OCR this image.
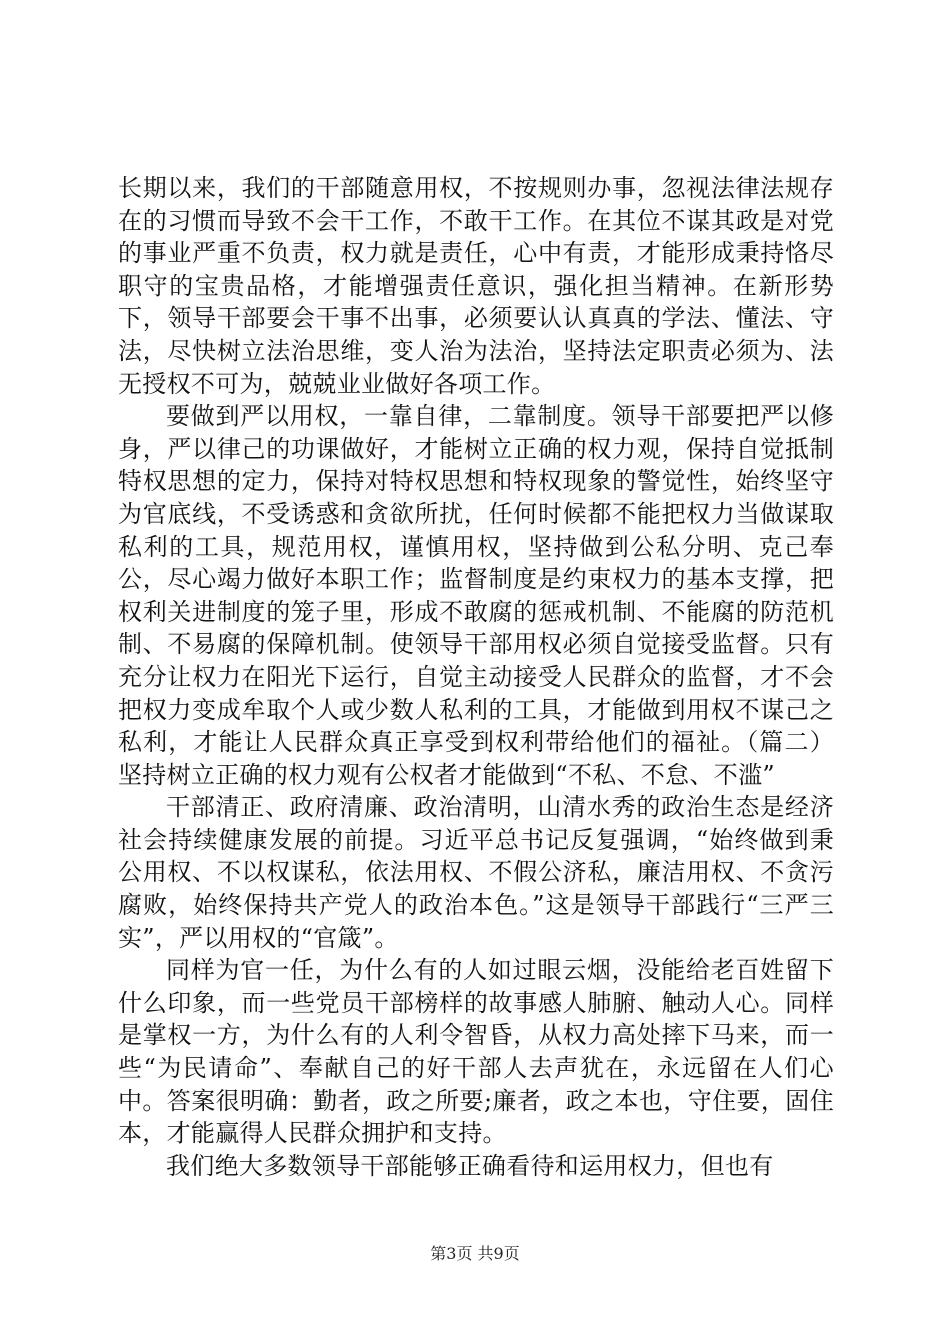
长期以来，我们的干部随意用权，不按规则办事，忽视法律法规存在的习惯而导致不会干工作，不敢干工作。在其位不谋其政是对党的事业严重不负责，权力就是责任，心中有责，才能形成秉持恪尽职守的宝贵品格，才能增强责任意识，强化担当精神。在新形势下，领导干部要会干事不出事，必须要认认真真的学法、懂法、守法，尽快树立法治思维，变人治为法治，坚持法定职责必须为、法无授权不可为，兢兢业业做好各项工作。

要做到严以用权，一靠自律，二靠制度。领导干部要把严以修身，严以律己的功课做好，才能树立正确的权力观，保持自觉抵制特权思想的定力，保持对特权思想和特权现象的警觉性，始终坚守为官底线，不受诱惑和贪欲所扰，任何时候都不能把权力当做谋取私利的工具，规范用权，谨慎用权，坚持做到公私分明、克己奉公，尽心竭力做好本职工作；监督制度是约束权力的基本支撑，把权利关进制度的笼子里，形成不敢腐的惩戒机制、不能腐的防范机制、不易腐的保障机制。使领导干部用权必须自觉接受监督。只有充分让权力在阳光下运行，自觉主动接受人民群众的监督，才不会把权力变成牟取个人或少数人私利的工具，才能做到用权不谋己之私利，才能让人民群众真正享受到权利带给他们的福祉。（篇二）坚持树立正确的权力观有公权者才能做到“不私、不怠、不滥”

干部清正、政府清廉、政治清明，山清水秀的政治生态是经济社会持续健康发展的前提。习近平总书记反复强调，“始终做到秉公用权、不以权谋私，依法用权、不假公济私，廉洁用权、不贪污腐败，始终保持共产党人的政治本色。”这是领导干部践行“三严三实”，严以用权的“官箴”。

同样为官一任，为什么有的人如过眼云烟，没能给老百姓留下什么印象，而一些党员干部榜样的故事感人肺腑、触动人心。同样是掌权一方，为什么有的人利令智昏，从权力高处摔下马来，而一些“为民请命”、奉献自己的好干部人去声犹在，永远留在人们心中。答案很明确：勤者，政之所要;廉者，政之本也，守住要，固住本，才能赢得人民群众拥护和支持。

我们绝大多数领导干部能够正确看待和运用权力，但也有

第3页 共9页
